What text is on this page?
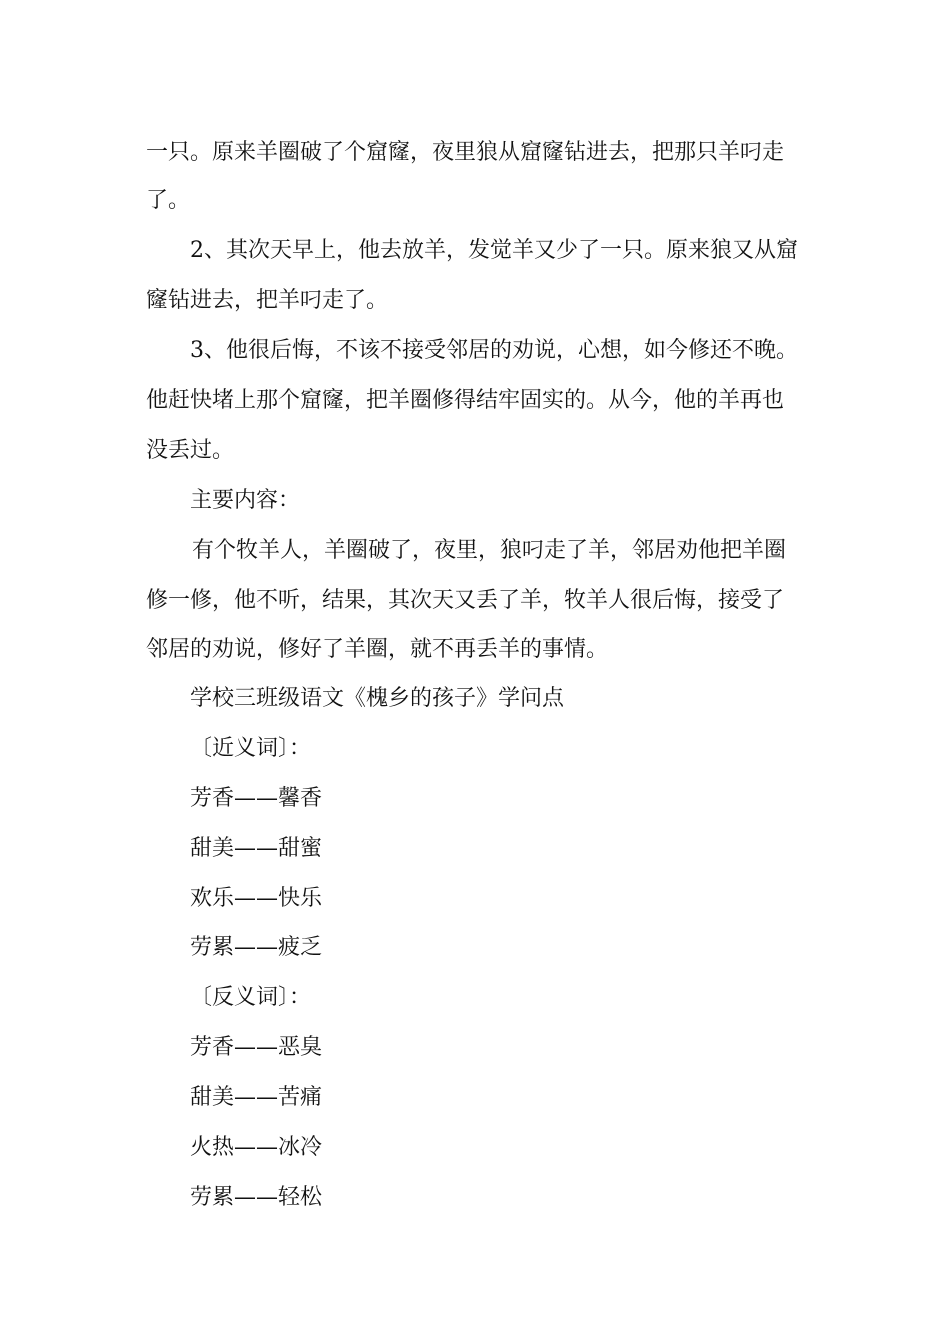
一只。原来羊圈破了个窟窿，夜里狼从窟窿钻进去，把那只羊叼走
了。
2、其次天早上，他去放羊，发觉羊又少了一只。原来狼又从窟
窿钻进去，把羊叼走了。
3、他很后悔，不该不接受邻居的劝说，心想，如今修还不晚。
他赶快堵上那个窟窿，把羊圈修得结牢固实的。从今，他的羊再也
没丢过。
主要内容：
有个牧羊人，羊圈破了，夜里，狼叼走了羊，邻居劝他把羊圈
修一修，他不听，结果，其次天又丢了羊，牧羊人很后悔，接受了
邻居的劝说，修好了羊圈，就不再丢羊的事情。
学校三班级语文《槐乡的孩子》学问点
〔近义词〕：
芳香——馨香
甜美——甜蜜
欢乐——快乐
劳累——疲乏
〔反义词〕：
芳香——恶臭
甜美——苦痛
火热——冰冷
劳累——轻松
